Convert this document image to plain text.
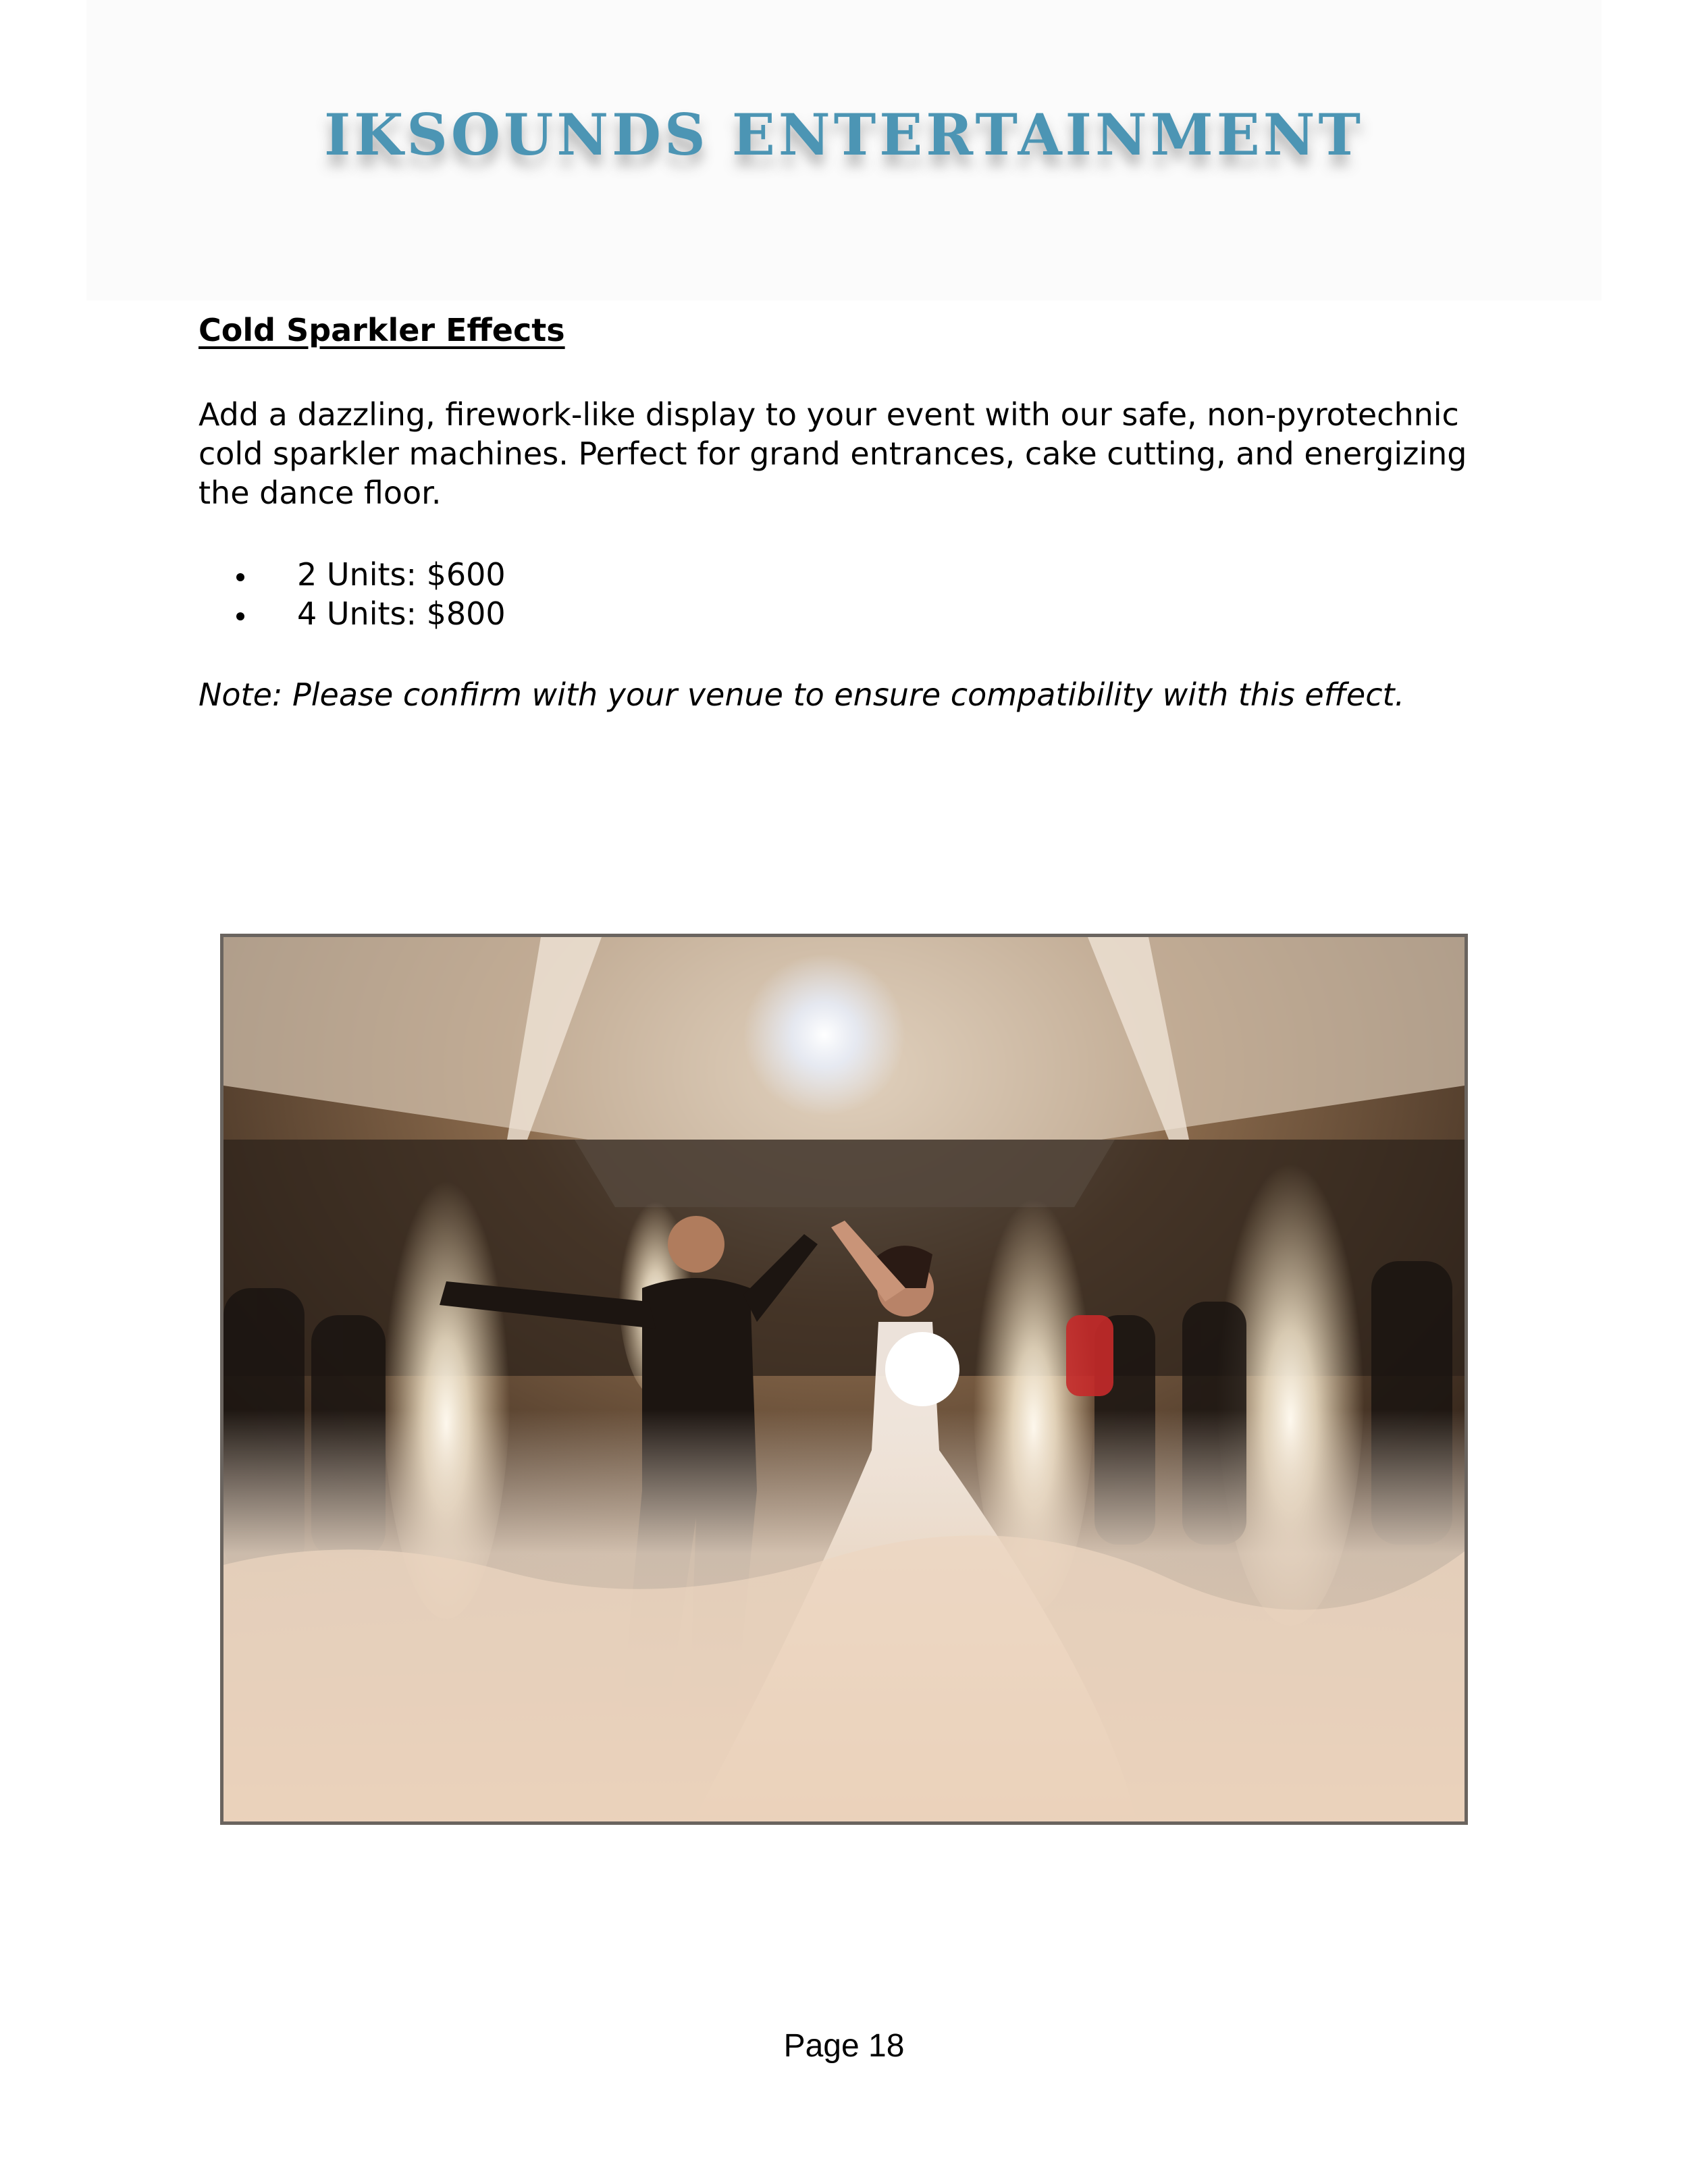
IKSOUNDS ENTERTAINMENT
Cold Sparkler Effects

Add a dazzling, firework-like display to your event with our safe, non-pyrotechnic cold sparkler machines. Perfect for grand entrances, cake cutting, and energizing the dance floor.

2 Units: $600
4 Units: $800

Note: Please confirm with your venue to ensure compatibility with this effect.

Page 18
